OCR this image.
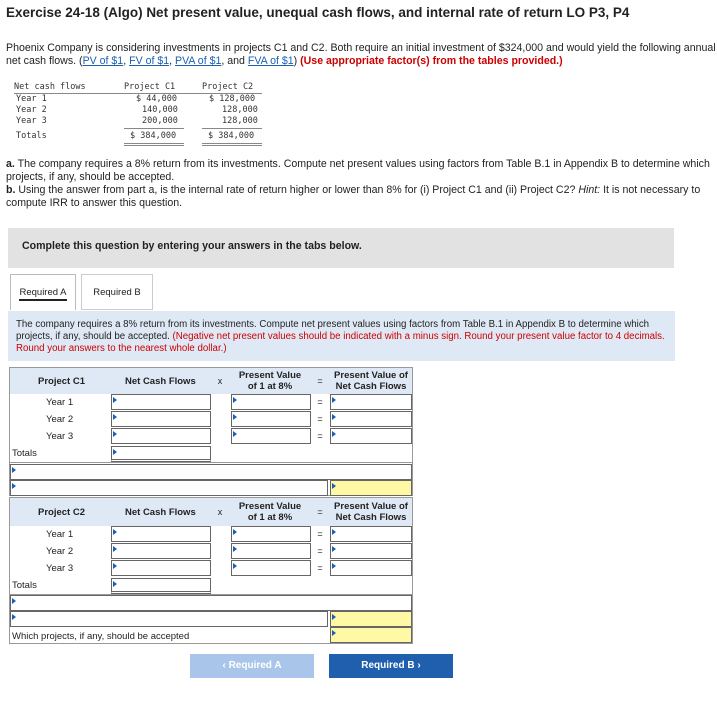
Exercise 24-18 (Algo) Net present value, unequal cash flows, and internal rate of return LO P3, P4
Phoenix Company is considering investments in projects C1 and C2. Both require an initial investment of $324,000 and would yield the following annual net cash flows. (PV of $1, FV of $1, PVA of $1, and FVA of $1) (Use appropriate factor(s) from the tables provided.)
Net cash flows	Project C1	Project C2
Year 1	$ 44,000	$ 128,000
Year 2	140,000	128,000
Year 3	200,000	128,000
Totals	$ 384,000	$ 384,000
a. The company requires a 8% return from its investments. Compute net present values using factors from Table B.1 in Appendix B to determine which projects, if any, should be accepted.
b. Using the answer from part a, is the internal rate of return higher or lower than 8% for (i) Project C1 and (ii) Project C2? Hint: It is not necessary to compute IRR to answer this question.
Complete this question by entering your answers in the tabs below.
Required A	Required B
The company requires a 8% return from its investments. Compute net present values using factors from Table B.1 in Appendix B to determine which projects, if any, should be accepted. (Negative net present values should be indicated with a minus sign. Round your present value factor to 4 decimals. Round your answers to the nearest whole dollar.)
Project C1	Net Cash Flows	x	Present Value
of 1 at 8%	=	Present Value of
Net Cash Flows
Year 1	=
Year 2	=
Year 3	=
Totals
Project C2	Net Cash Flows	x	Present Value
of 1 at 8%	=	Present Value of
Net Cash Flows
Year 1	=
Year 2	=
Year 3	=
Totals
Which projects, if any, should be accepted
‹ Required A	Required B ›
